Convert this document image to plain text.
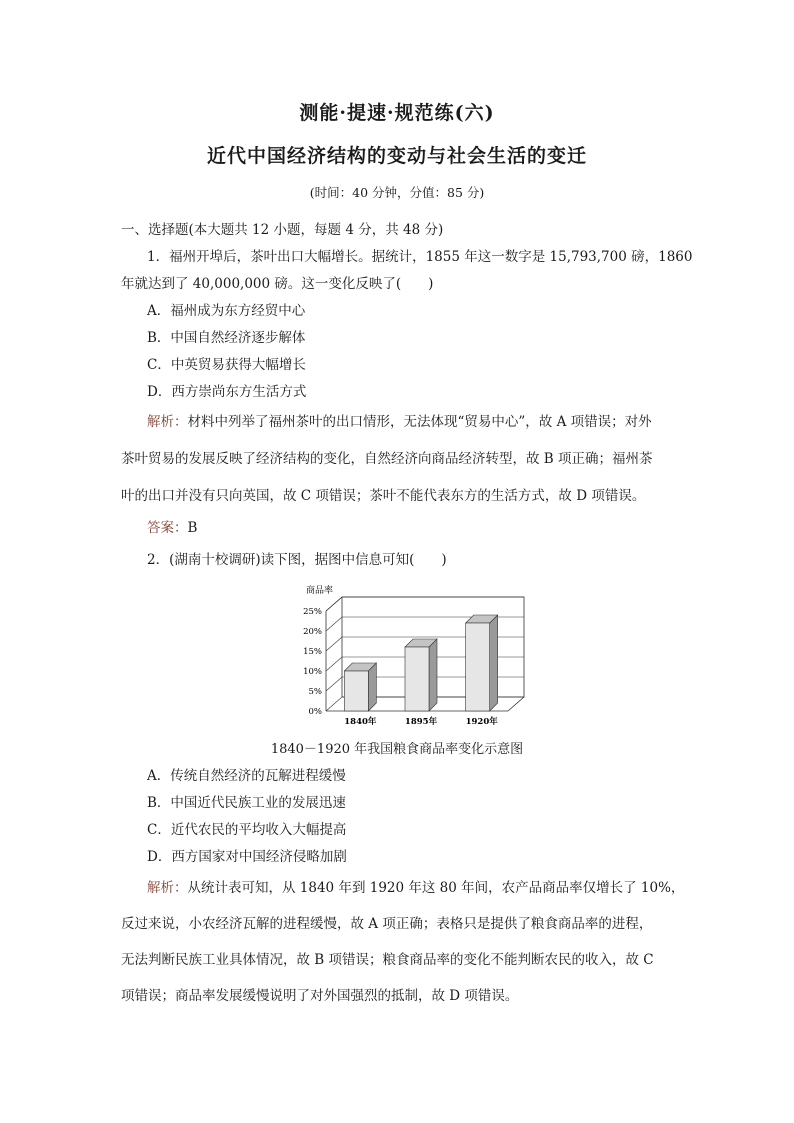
测能·提速·规范练(六)
近代中国经济结构的变动与社会生活的变迁
(时间：40 分钟，分值：85 分)
一、选择题(本大题共 12 小题，每题 4 分，共 48 分)
1．福州开埠后，茶叶出口大幅增长。据统计，1855 年这一数字是 15,793,700 磅，1860
年就达到了 40,000,000 磅。这一变化反映了(　　)
A．福州成为东方经贸中心
B．中国自然经济逐步解体
C．中英贸易获得大幅增长
D．西方崇尚东方生活方式
解析：材料中列举了福州茶叶的出口情形，无法体现“贸易中心”，故 A 项错误；对外
茶叶贸易的发展反映了经济结构的变化，自然经济向商品经济转型，故 B 项正确；福州茶
叶的出口并没有只向英国，故 C 项错误；茶叶不能代表东方的生活方式，故 D 项错误。
答案：B
2．(湖南十校调研)读下图，据图中信息可知(　　)
商品率
0%
5%
10%
15%
20%
25%
1840年	1895年	1920年
1840－1920 年我国粮食商品率变化示意图
A．传统自然经济的瓦解进程缓慢
B．中国近代民族工业的发展迅速
C．近代农民的平均收入大幅提高
D．西方国家对中国经济侵略加剧
解析：从统计表可知，从 1840 年到 1920 年这 80 年间，农产品商品率仅增长了 10%，
反过来说，小农经济瓦解的进程缓慢，故 A 项正确；表格只是提供了粮食商品率的进程，
无法判断民族工业具体情况，故 B 项错误；粮食商品率的变化不能判断农民的收入，故 C
项错误；商品率发展缓慢说明了对外国强烈的抵制，故 D 项错误。
